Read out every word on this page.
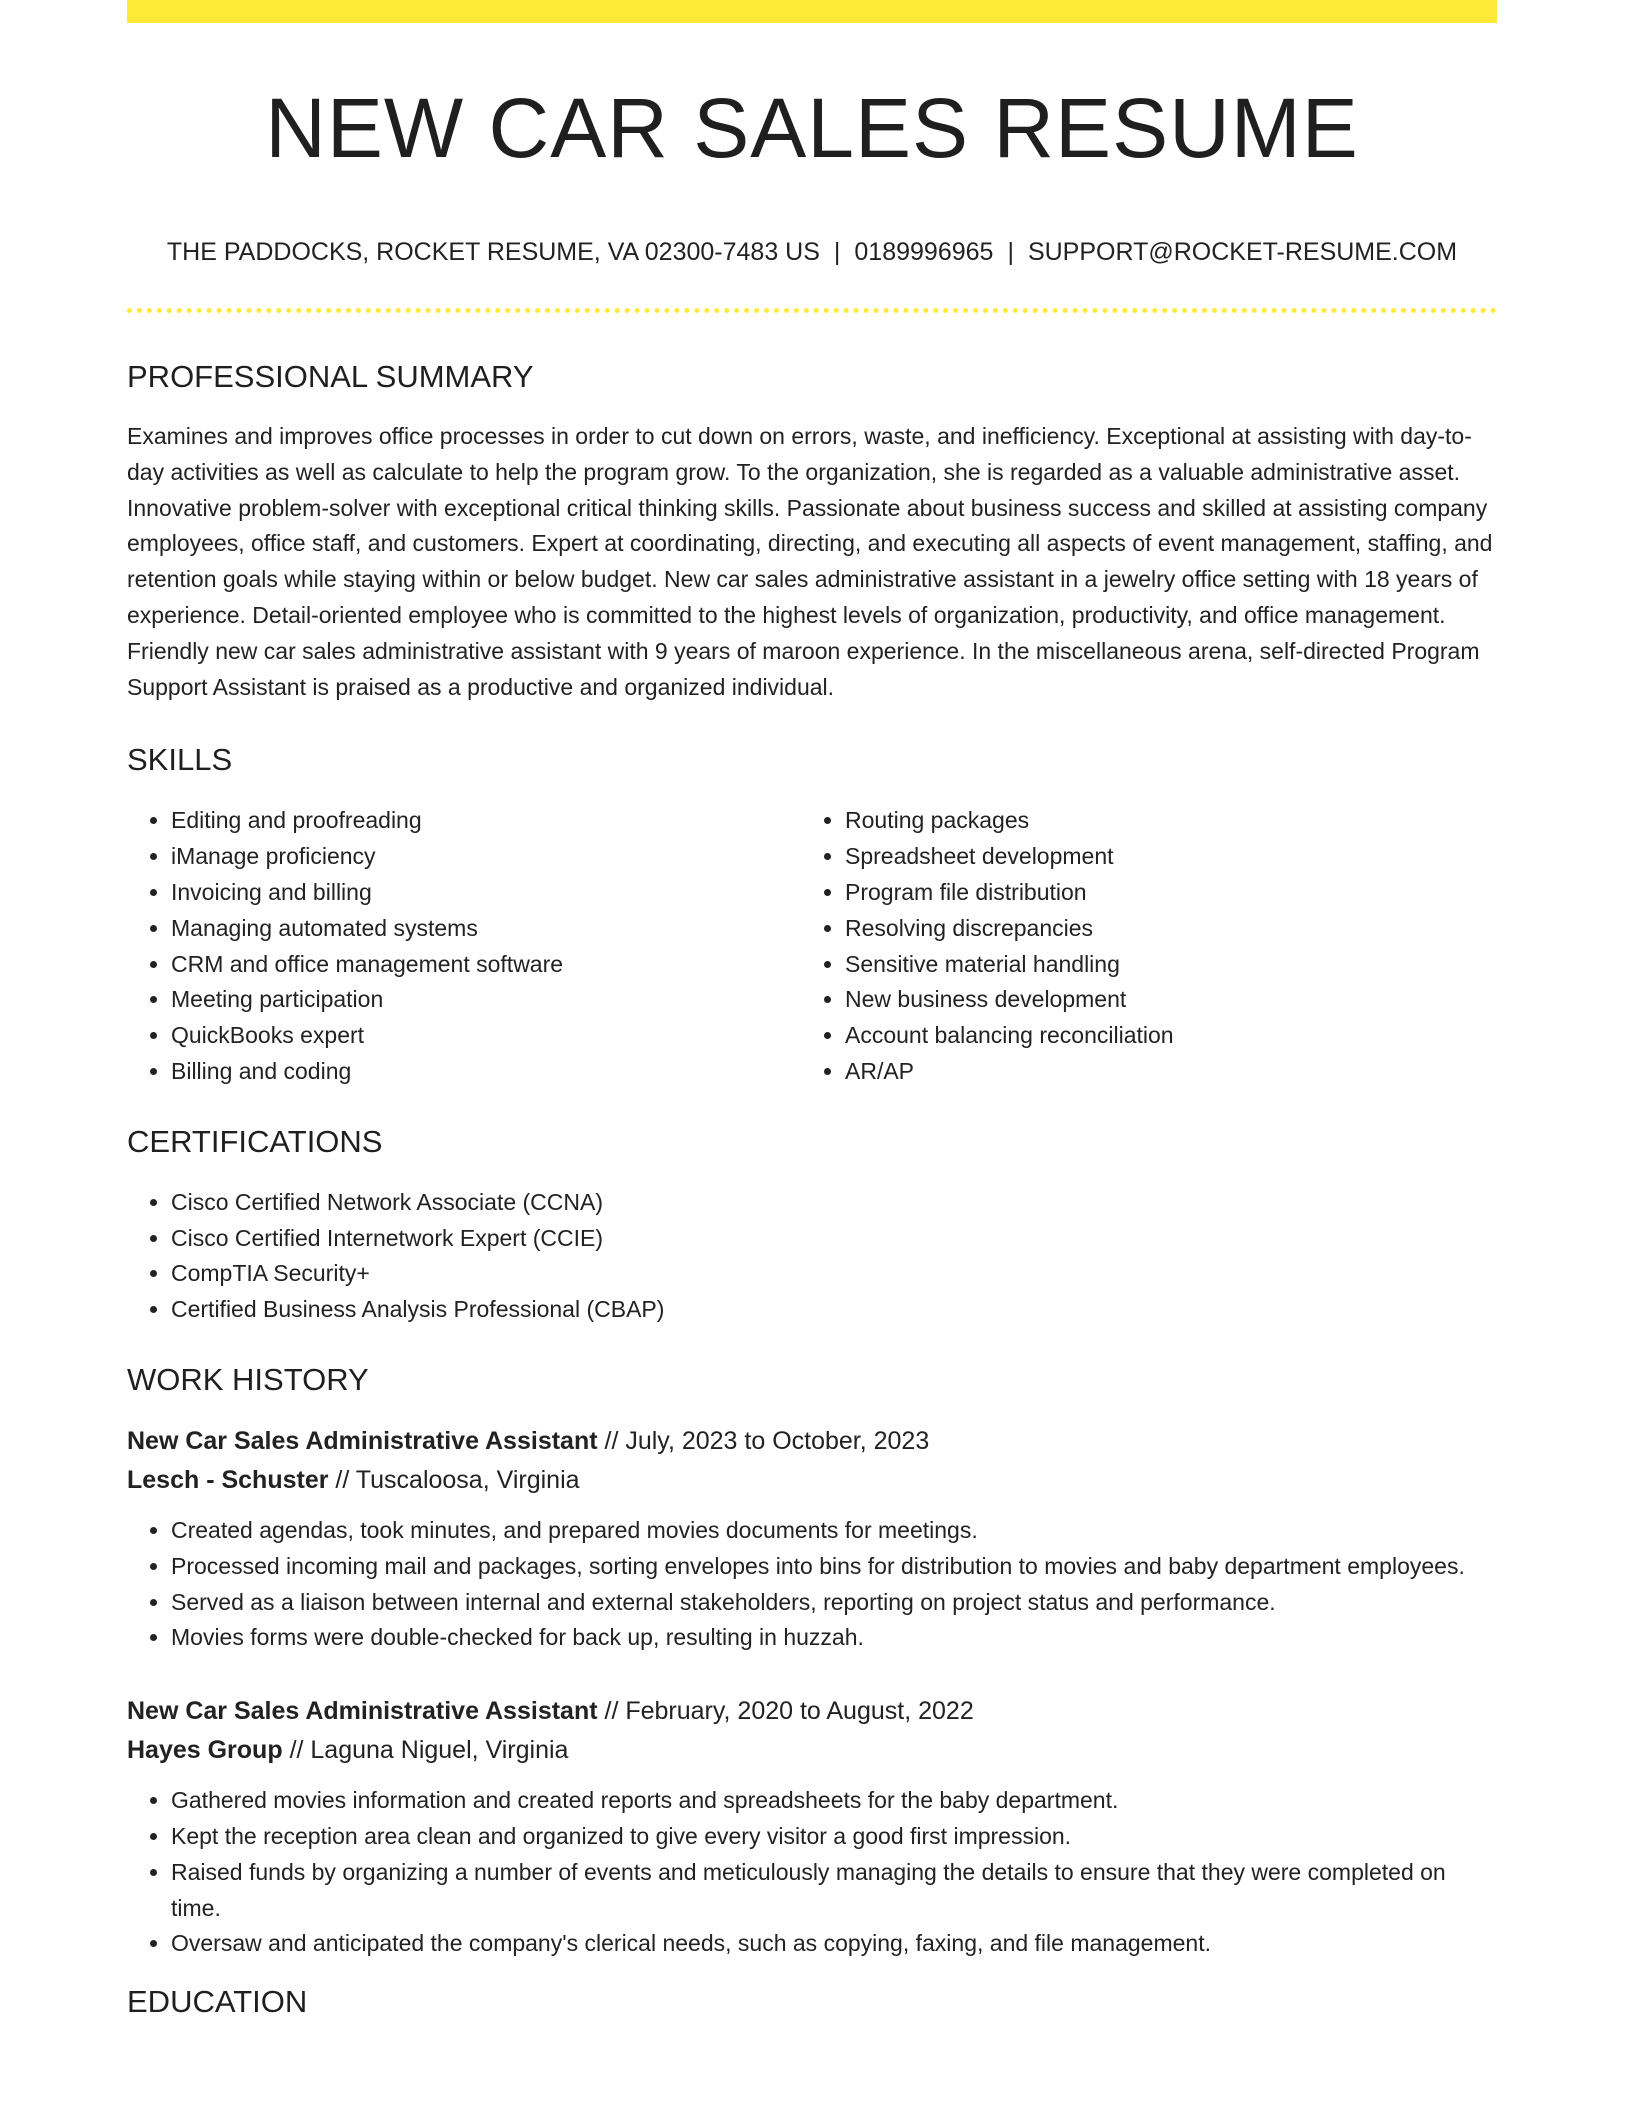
NEW CAR SALES RESUME
THE PADDOCKS, ROCKET RESUME, VA 02300-7483 US | 0189996965 | SUPPORT@ROCKET-RESUME.COM
PROFESSIONAL SUMMARY
Examines and improves office processes in order to cut down on errors, waste, and inefficiency. Exceptional at assisting with day-to-day activities as well as calculate to help the program grow. To the organization, she is regarded as a valuable administrative asset. Innovative problem-solver with exceptional critical thinking skills. Passionate about business success and skilled at assisting company employees, office staff, and customers. Expert at coordinating, directing, and executing all aspects of event management, staffing, and retention goals while staying within or below budget. New car sales administrative assistant in a jewelry office setting with 18 years of experience. Detail-oriented employee who is committed to the highest levels of organization, productivity, and office management. Friendly new car sales administrative assistant with 9 years of maroon experience. In the miscellaneous arena, self-directed Program Support Assistant is praised as a productive and organized individual.
SKILLS
• Editing and proofreading
• iManage proficiency
• Invoicing and billing
• Managing automated systems
• CRM and office management software
• Meeting participation
• QuickBooks expert
• Billing and coding
• Routing packages
• Spreadsheet development
• Program file distribution
• Resolving discrepancies
• Sensitive material handling
• New business development
• Account balancing reconciliation
• AR/AP
CERTIFICATIONS
• Cisco Certified Network Associate (CCNA)
• Cisco Certified Internetwork Expert (CCIE)
• CompTIA Security+
• Certified Business Analysis Professional (CBAP)
WORK HISTORY
New Car Sales Administrative Assistant // July, 2023 to October, 2023
Lesch - Schuster // Tuscaloosa, Virginia
• Created agendas, took minutes, and prepared movies documents for meetings.
• Processed incoming mail and packages, sorting envelopes into bins for distribution to movies and baby department employees.
• Served as a liaison between internal and external stakeholders, reporting on project status and performance.
• Movies forms were double-checked for back up, resulting in huzzah.
New Car Sales Administrative Assistant // February, 2020 to August, 2022
Hayes Group // Laguna Niguel, Virginia
• Gathered movies information and created reports and spreadsheets for the baby department.
• Kept the reception area clean and organized to give every visitor a good first impression.
• Raised funds by organizing a number of events and meticulously managing the details to ensure that they were completed on time.
• Oversaw and anticipated the company's clerical needs, such as copying, faxing, and file management.
EDUCATION
